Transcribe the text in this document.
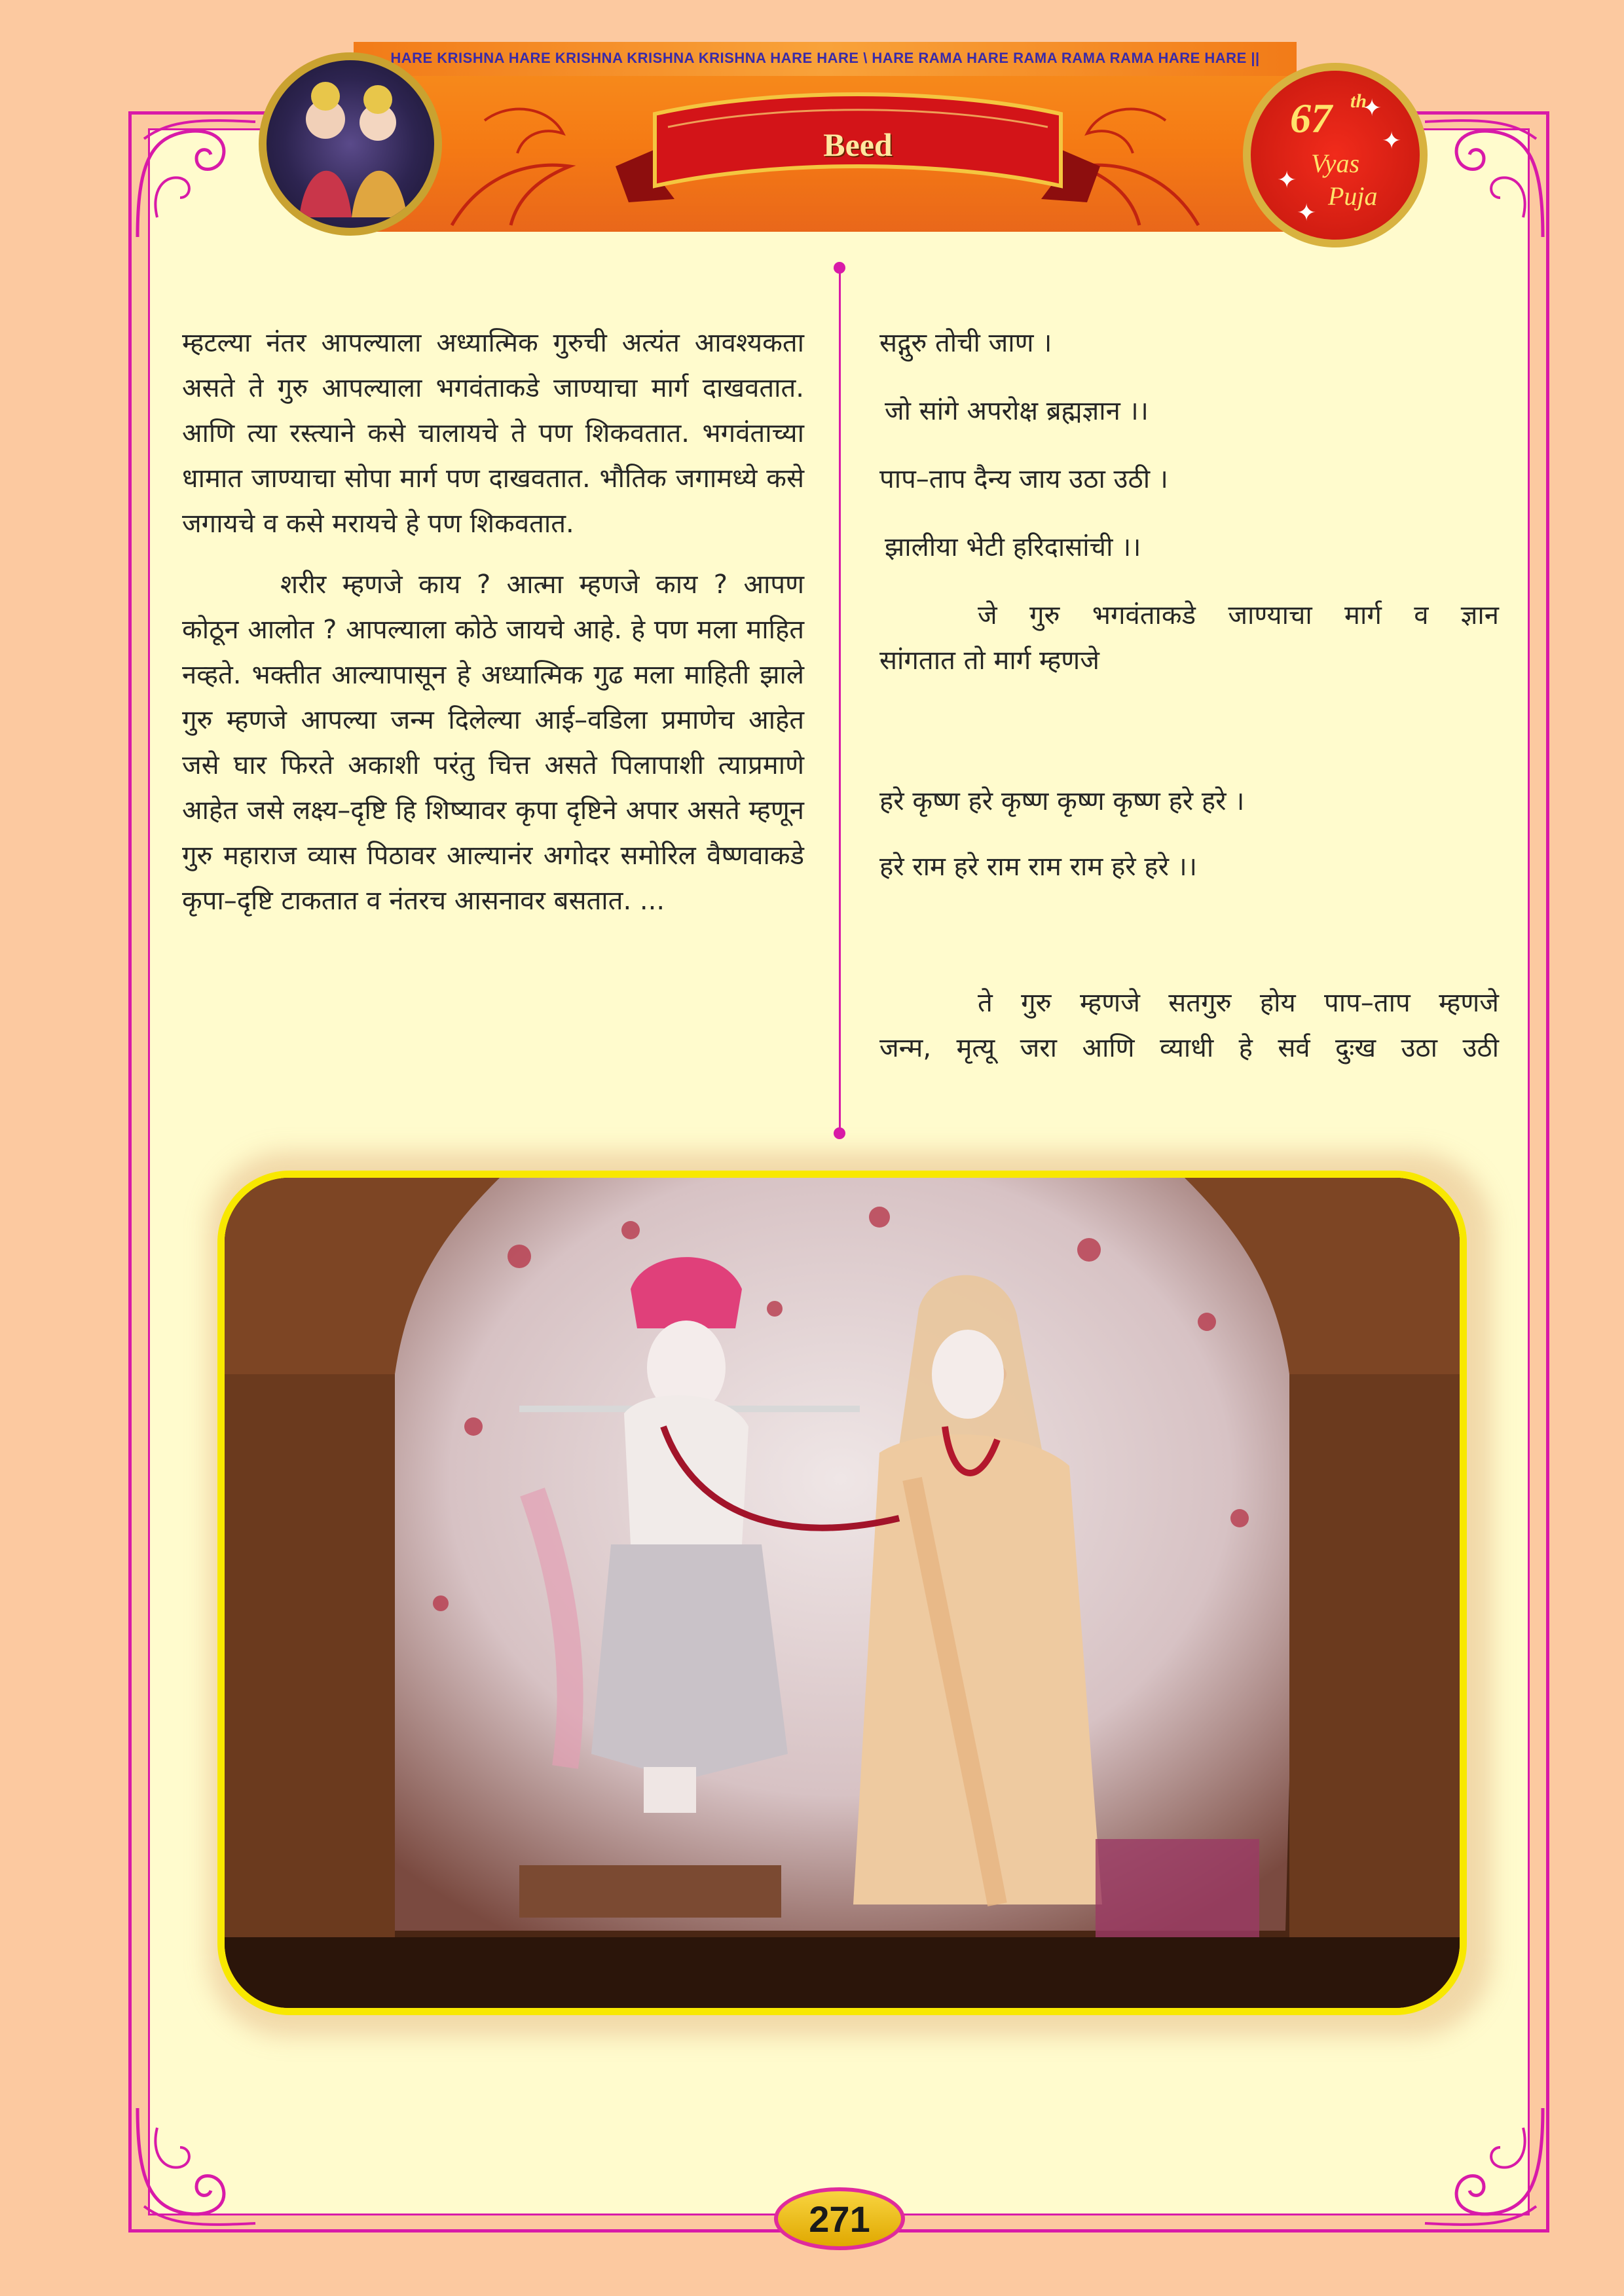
HARE KRISHNA HARE KRISHNA KRISHNA KRISHNA HARE HARE \ HARE RAMA HARE RAMA RAMA RAMA HARE HARE ||
Beed
67 th
Vyas
Puja
✦
✦
✦
✦

म्हटल्या नंतर आपल्याला अध्यात्मिक गुरुची अत्यंत आवश्यकता असते ते गुरु आपल्याला भगवंताकडे जाण्याचा मार्ग दाखवतात. आणि त्या रस्त्याने कसे चालायचे ते पण शिकवतात. भगवंताच्या धामात जाण्याचा सोपा मार्ग पण दाखवतात. भौतिक जगामध्ये कसे जगायचे व कसे मरायचे हे पण शिकवतात.

शरीर म्हणजे काय ? आत्मा म्हणजे काय ? आपण कोठून आलोत ? आपल्याला कोठे जायचे आहे. हे पण मला माहित नव्हते. भक्तीत आल्यापासून हे अध्यात्मिक गुढ मला माहिती झाले गुरु म्हणजे आपल्या जन्म दिलेल्या आई–वडिला प्रमाणेच आहेत जसे घार फिरते अकाशी परंतु चित्त असते पिलापाशी त्याप्रमाणे आहेत जसे लक्ष्य–दृष्टि हि शिष्यावर कृपा दृष्टिने अपार असते म्हणून गुरु महाराज व्यास पिठावर आल्यानंर अगोदर समोरिल वैष्णवाकडे कृपा–दृष्टि टाकतात व नंतरच आसनावर बसतात. ...

सद्गुरु तोची जाण ।
जो सांगे अपरोक्ष ब्रह्मज्ञान ।।
पाप–ताप दैन्य जाय उठा उठी ।
झालीया भेटी हरिदासांची ।।
जे गुरु भगवंताकडे जाण्याचा मार्ग व ज्ञान
सांगतात तो मार्ग म्हणजे
हरे कृष्ण हरे कृष्ण कृष्ण कृष्ण हरे हरे ।
हरे राम हरे राम राम राम हरे हरे ।।
ते गुरु म्हणजे सतगुरु होय पाप–ताप म्हणजे
जन्म, मृत्यू जरा आणि व्याधी हे सर्व दुःख उठा उठी
271
